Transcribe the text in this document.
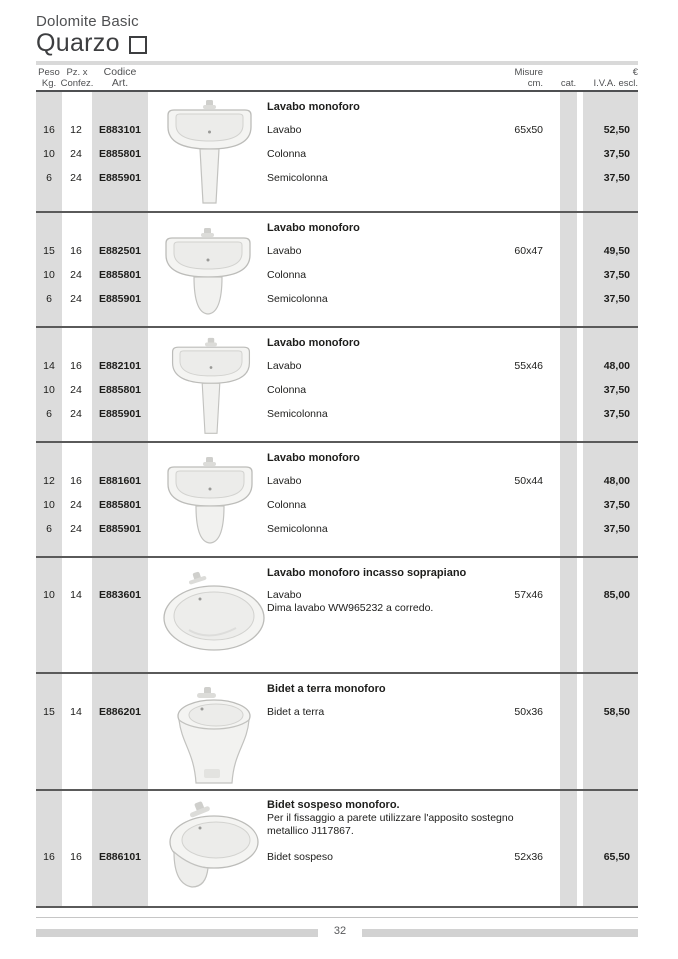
Dolomite Basic
Quarzo
Peso
Kg.
Pz. x
Confez.
Codice
Art.
Misure
cm. cat.
€
I.V.A. escl.
Lavabo monoforo
16	12	E883101	Lavabo	65x50	52,50
10	24	E885801	Colonna	37,50
6	24	E885901	Semicolonna	37,50
Lavabo monoforo
15	16	E882501	Lavabo	60x47	49,50
10	24	E885801	Colonna	37,50
6	24	E885901	Semicolonna	37,50
Lavabo monoforo
14	16	E882101	Lavabo	55x46	48,00
10	24	E885801	Colonna	37,50
6	24	E885901	Semicolonna	37,50
Lavabo monoforo
12	16	E881601	Lavabo	50x44	48,00
10	24	E885801	Colonna	37,50
6	24	E885901	Semicolonna	37,50
Lavabo monoforo incasso soprapiano
10	14	E883601	Lavabo	57x46	85,00
Dima lavabo WW965232 a corredo.
Bidet a terra monoforo
15	14	E886201	Bidet a terra	50x36	58,50
Bidet sospeso monoforo.
Per il fissaggio a parete utilizzare l'apposito sostegno
metallico J117867.
16	16	E886101	Bidet sospeso	52x36	65,50
32
